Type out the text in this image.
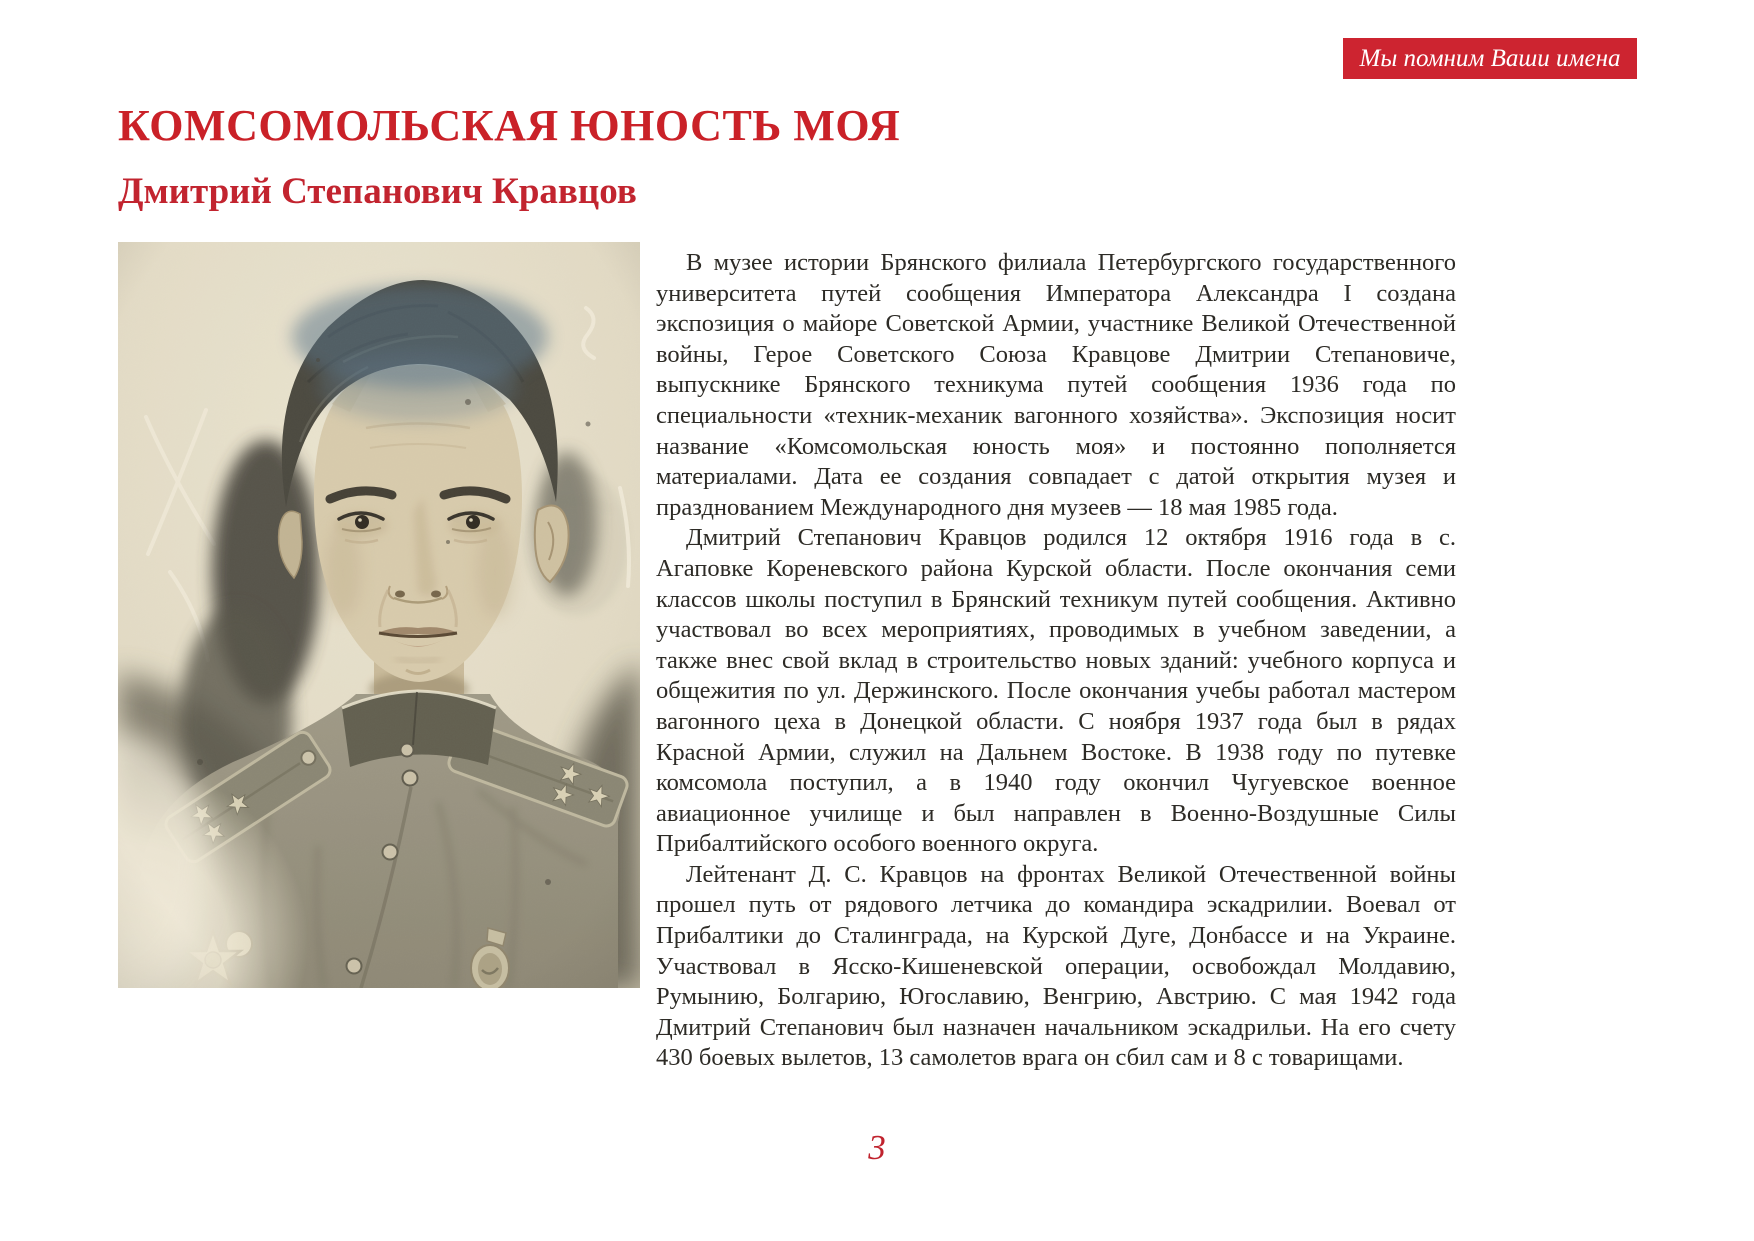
Мы помним Ваши имена
КОМСОМОЛЬСКАЯ ЮНОСТЬ МОЯ
Дмитрий Степанович Кравцов

В музее истории Брянского филиала Петербургского государственного университета путей сообщения Императора Александра I создана экспозиция о майоре Советской Армии, участнике Великой Отечественной войны, Герое Советского Союза Кравцове Дмитрии Степановиче, выпускнике Брянского техникума путей сообщения 1936 года по специальности «техник-механик вагонного хозяйства». Экспозиция носит название «Комсомольская юность моя» и постоянно пополняется материалами. Дата ее создания совпадает с датой открытия музея и празднованием Международного дня музеев — 18 мая 1985 года.

Дмитрий Степанович Кравцов родился 12 октября 1916 года в с. Агаповке Кореневского района Курской области. После окончания семи классов школы поступил в Брянский техникум путей сообщения. Активно участвовал во всех мероприятиях, проводимых в учебном заведении, а также внес свой вклад в строительство новых зданий: учебного корпуса и общежития по ул. Держинского. После окончания учебы работал мастером вагонного цеха в Донецкой области. С ноября 1937 года был в рядах Красной Армии, служил на Дальнем Востоке. В 1938 году по путевке комсомола поступил, а в 1940 году окончил Чугуевское военное авиационное училище и был направлен в Военно-Воздушные Силы Прибалтийского особого военного округа.

Лейтенант Д. С. Кравцов на фронтах Великой Отечественной войны прошел путь от рядового летчика до командира эскадрилии. Воевал от Прибалтики до Сталинграда, на Курской Дуге, Донбассе и на Украине. Участвовал в Ясско-Кишеневской операции, освобождал Молдавию, Румынию, Болгарию, Югославию, Венгрию, Австрию. С мая 1942 года Дмитрий Степанович был назначен начальником эскадрильи. На его счету 430 боевых вылетов, 13 самолетов врага он сбил сам и 8 с товарищами.

3
